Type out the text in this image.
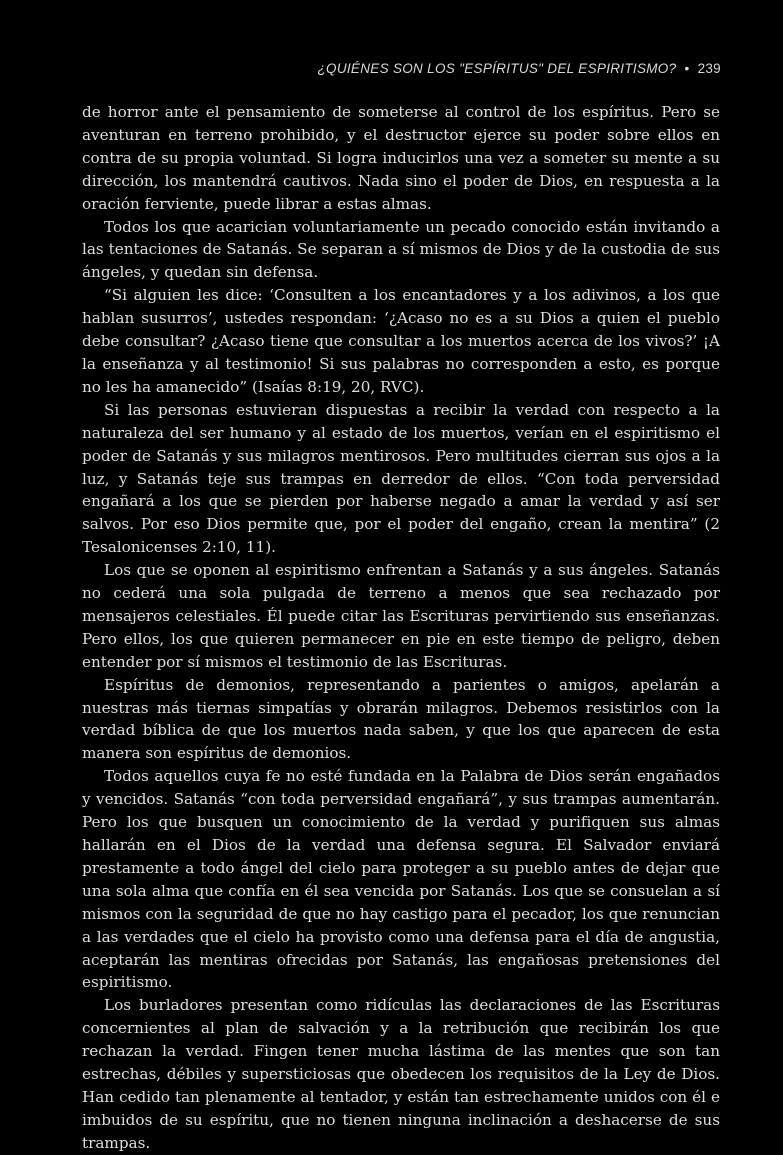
¿QUIÉNES SON LOS "ESPÍRITUS" DEL ESPIRITISMO? • 239

de horror ante el pensamiento de someterse al control de los espíritus. Pero se aventuran en terreno prohibido, y el destructor ejerce su poder sobre ellos en contra de su propia voluntad. Si logra inducirlos una vez a someter su mente a su dirección, los mantendrá cautivos. Nada sino el poder de Dios, en respuesta a la oración ferviente, puede librar a estas almas.

Todos los que acarician voluntariamente un pecado conocido están invitando a las tentaciones de Satanás. Se separan a sí mismos de Dios y de la custodia de sus ángeles, y quedan sin defensa.

“Si alguien les dice: ‘Consulten a los encantadores y a los adivinos, a los que hablan susurros’, ustedes respondan: ‘¿Acaso no es a su Dios a quien el pueblo debe consultar? ¿Acaso tiene que consultar a los muertos acerca de los vivos?’ ¡A la enseñanza y al testimonio! Si sus palabras no corresponden a esto, es porque no les ha amanecido” (Isaías 8:19, 20, RVC).

Si las personas estuvieran dispuestas a recibir la verdad con respecto a la naturaleza del ser humano y al estado de los muertos, verían en el espiritismo el poder de Satanás y sus milagros mentirosos. Pero multitudes cierran sus ojos a la luz, y Satanás teje sus trampas en derredor de ellos. “Con toda perversidad engañará a los que se pierden por haberse negado a amar la verdad y así ser salvos. Por eso Dios permite que, por el poder del engaño, crean la mentira” (2 Tesalonicenses 2:10, 11).

Los que se oponen al espiritismo enfrentan a Satanás y a sus ángeles. Satanás no cederá una sola pulgada de terreno a menos que sea rechazado por mensajeros celestiales. Él puede citar las Escrituras pervirtiendo sus enseñanzas. Pero ellos, los que quieren permanecer en pie en este tiempo de peligro, deben entender por sí mismos el testimonio de las Escrituras.

Espíritus de demonios, representando a parientes o amigos, apelarán a nuestras más tiernas simpatías y obrarán milagros. Debemos resistirlos con la verdad bíblica de que los muertos nada saben, y que los que aparecen de esta manera son espíritus de demonios.

Todos aquellos cuya fe no esté fundada en la Palabra de Dios serán engañados y vencidos. Satanás “con toda perversidad engañará”, y sus trampas aumentarán. Pero los que busquen un conocimiento de la verdad y purifiquen sus almas hallarán en el Dios de la verdad una defensa segura. El Salvador enviará prestamente a todo ángel del cielo para proteger a su pueblo antes de dejar que una sola alma que confía en él sea vencida por Satanás. Los que se consuelan a sí mismos con la seguridad de que no hay castigo para el pecador, los que renuncian a las verdades que el cielo ha provisto como una defensa para el día de angustia, aceptarán las mentiras ofrecidas por Satanás, las engañosas pretensiones del espiritismo.

Los burladores presentan como ridículas las declaraciones de las Escrituras concernientes al plan de salvación y a la retribución que recibirán los que rechazan la verdad. Fingen tener mucha lástima de las mentes que son tan estrechas, débiles y supersticiosas que obedecen los requisitos de la Ley de Dios. Han cedido tan plenamente al tentador, y están tan estrechamente unidos con él e imbuidos de su espíritu, que no tienen ninguna inclinación a deshacerse de sus trampas.
